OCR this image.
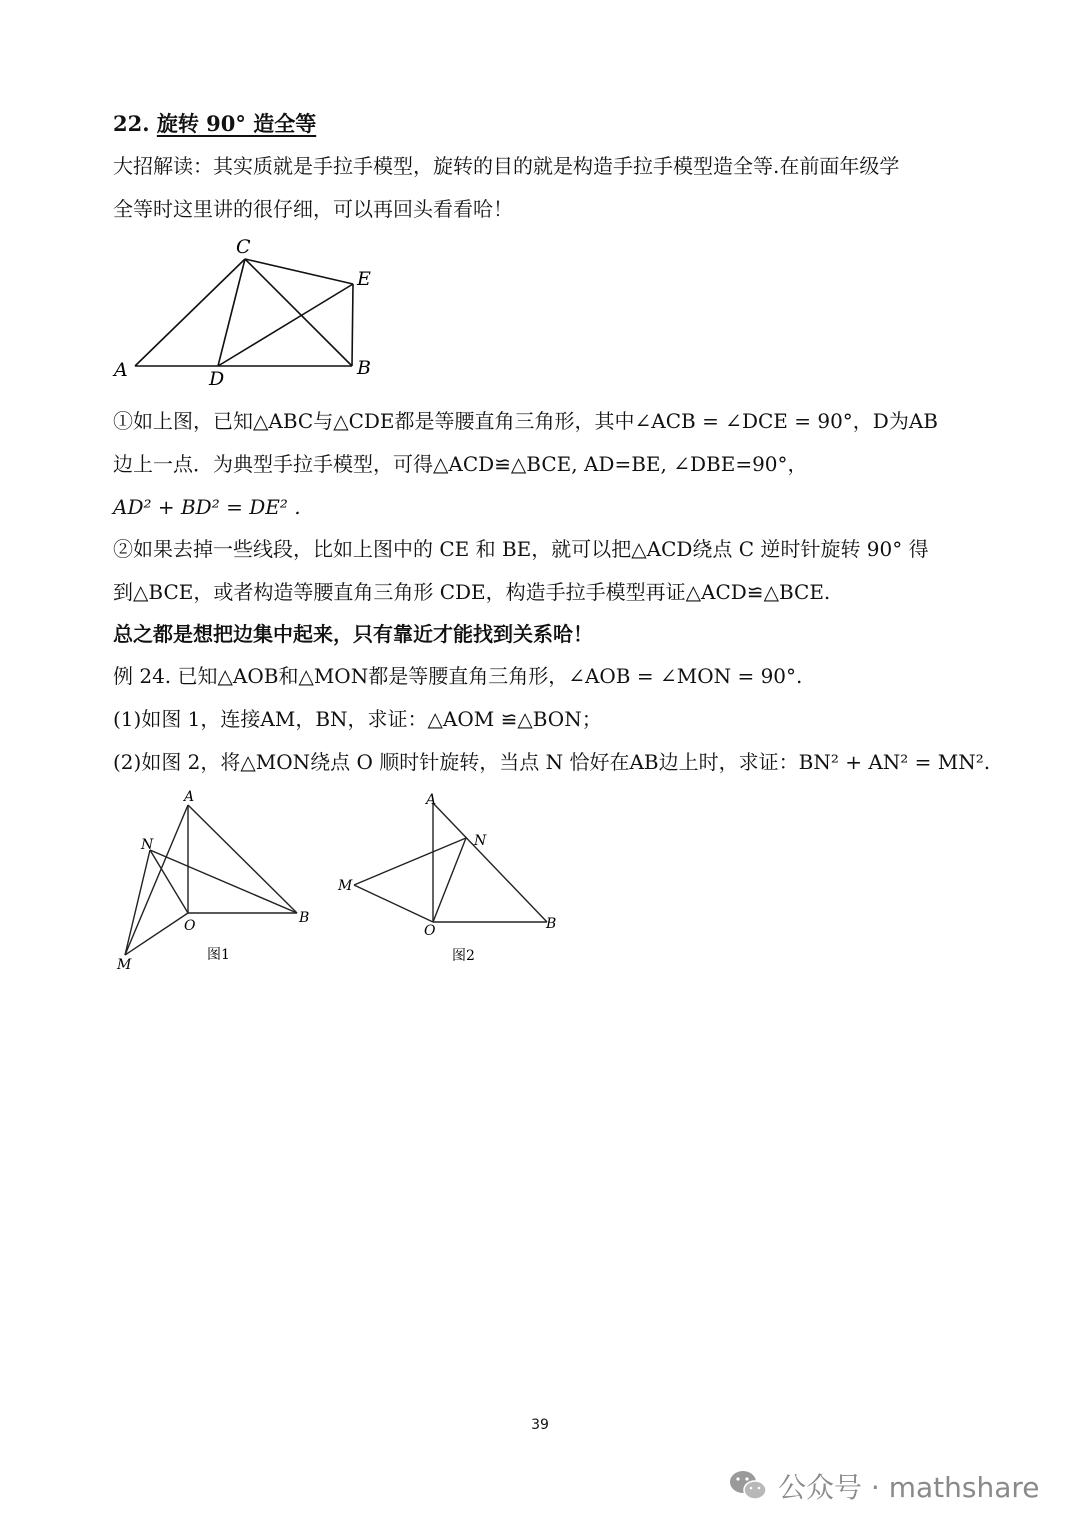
22. 旋转 90° 造全等
大招解读：其实质就是手拉手模型，旋转的目的就是构造手拉手模型造全等.在前面年级学
全等时这里讲的很仔细，可以再回头看看哈！
C
E
A	D	B
①如上图，已知△ABC与△CDE都是等腰直角三角形，其中∠ACB = ∠DCE = 90°，D为AB
边上一点．为典型手拉手模型，可得△ACD≌△BCE, AD=BE, ∠DBE=90°，
AD² + BD² = DE² .
②如果去掉一些线段，比如上图中的 CE 和 BE，就可以把△ACD绕点 C 逆时针旋转 90° 得
到△BCE，或者构造等腰直角三角形 CDE，构造手拉手模型再证△ACD≌△BCE.
总之都是想把边集中起来，只有靠近才能找到关系哈！
例 24. 已知△AOB和△MON都是等腰直角三角形，∠AOB = ∠MON = 90°.
(1)如图 1，连接AM，BN，求证：△AOM ≌△BON；
(2)如图 2，将△MON绕点 O 顺时针旋转，当点 N 恰好在AB边上时，求证：BN² + AN² = MN².
A
N
O	B
M
图1
A
N
M
O	B
图2
39
公众号 · mathshare
